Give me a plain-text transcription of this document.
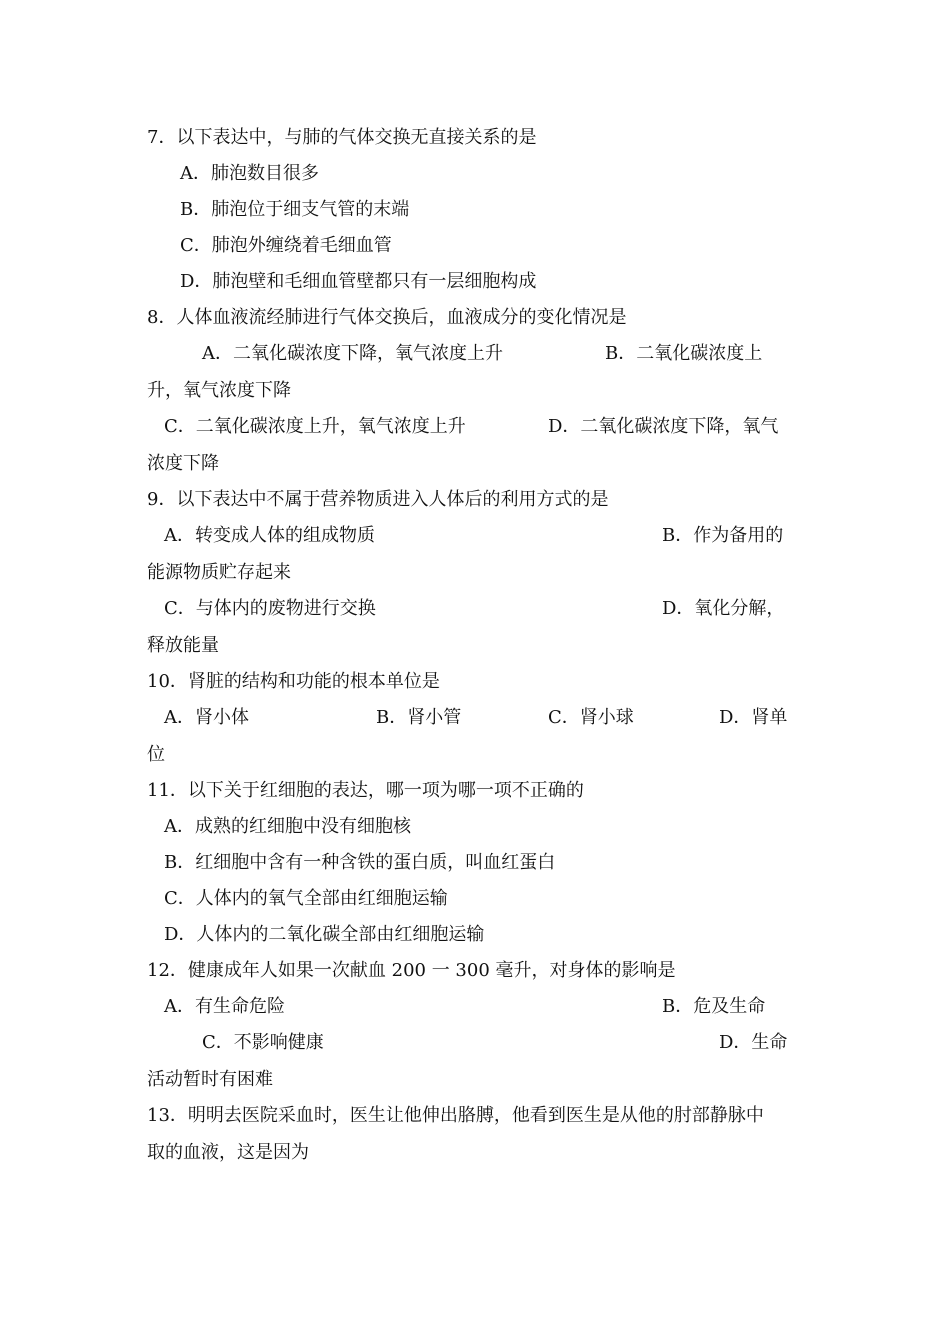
7．以下表达中，与肺的气体交换无直接关系的是
A．肺泡数目很多
B．肺泡位于细支气管的末端
C．肺泡外缠绕着毛细血管
D．肺泡壁和毛细血管壁都只有一层细胞构成
8．人体血液流经肺进行气体交换后，血液成分的变化情况是
A．二氧化碳浓度下降，氧气浓度上升	B．二氧化碳浓度上
升，氧气浓度下降
C．二氧化碳浓度上升，氧气浓度上升	D．二氧化碳浓度下降，氧气
浓度下降
9．以下表达中不属于营养物质进入人体后的利用方式的是
A．转变成人体的组成物质	B．作为备用的
能源物质贮存起来
C．与体内的废物进行交换	D．氧化分解，
释放能量
10．肾脏的结构和功能的根本单位是
A．肾小体	B．肾小管	C．肾小球	D．肾单
位
11．以下关于红细胞的表达，哪一项为哪一项不正确的
A．成熟的红细胞中没有细胞核
B．红细胞中含有一种含铁的蛋白质，叫血红蛋白
C．人体内的氧气全部由红细胞运输
D．人体内的二氧化碳全部由红细胞运输
12．健康成年人如果一次献血 200 一 300 毫升，对身体的影响是
A．有生命危险	B．危及生命
C．不影响健康	D．生命
活动暂时有困难
13．明明去医院采血时，医生让他伸出胳膊，他看到医生是从他的肘部静脉中
取的血液，这是因为
